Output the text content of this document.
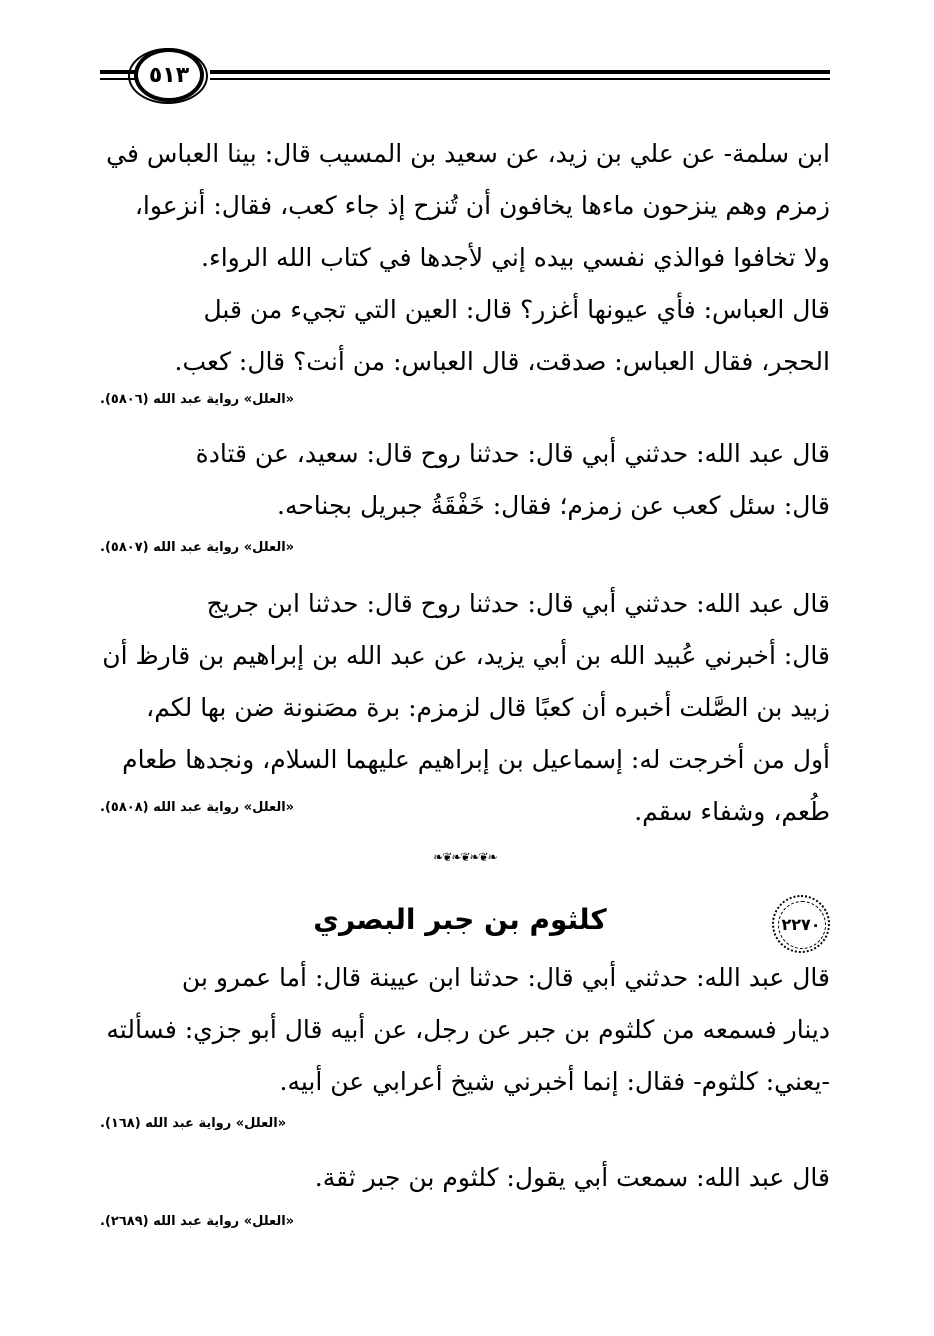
٥١٣
ابن سلمة- عن علي بن زيد، عن سعيد بن المسيب قال: بينا العباس في
زمزم وهم ينزحون ماءها يخافون أن تُنزح إذ جاء كعب، فقال: أنزعوا،
ولا تخافوا فوالذي نفسي بيده إني لأجدها في كتاب الله الرواء.
قال العباس: فأي عيونها أغزر؟ قال: العين التي تجيء من قبل
الحجر، فقال العباس: صدقت، قال العباس: من أنت؟ قال: كعب.
«العلل» رواية عبد الله (٥٨٠٦).
قال عبد الله: حدثني أبي قال: حدثنا روح قال: سعيد، عن قتادة
قال: سئل كعب عن زمزم؛ فقال: خَفْقَةُ جبريل بجناحه.
«العلل» رواية عبد الله (٥٨٠٧).
قال عبد الله: حدثني أبي قال: حدثنا روح قال: حدثنا ابن جريج
قال: أخبرني عُبيد الله بن أبي يزيد، عن عبد الله بن إبراهيم بن قارظ أن
زبيد بن الصَّلت أخبره أن كعبًا قال لزمزم: برة مصَنونة ضن بها لكم،
أول من أخرجت له: إسماعيل بن إبراهيم عليهما السلام، ونجدها طعام
طُعم، وشفاء سقم.
«العلل» رواية عبد الله (٥٨٠٨).
❧❦❧❦❧❦❧
٢٢٧٠
كلثوم بن جبر البصري
قال عبد الله: حدثني أبي قال: حدثنا ابن عيينة قال: أما عمرو بن
دينار فسمعه من كلثوم بن جبر عن رجل، عن أبيه قال أبو جزي: فسألته
-يعني: كلثوم- فقال: إنما أخبرني شيخ أعرابي عن أبيه.
«العلل» رواية عبد الله (١٦٨).
قال عبد الله: سمعت أبي يقول: كلثوم بن جبر ثقة.
«العلل» رواية عبد الله (٢٦٨٩).
